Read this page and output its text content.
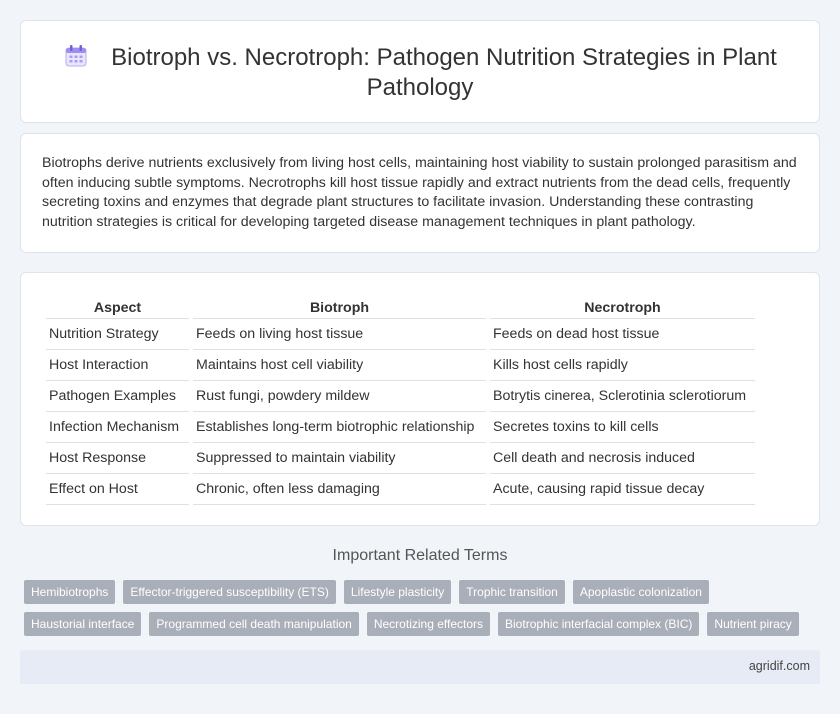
Biotroph vs. Necrotroph: Pathogen Nutrition Strategies in Plant Pathology

Biotrophs derive nutrients exclusively from living host cells, maintaining host viability to sustain prolonged parasitism and often inducing subtle symptoms. Necrotrophs kill host tissue rapidly and extract nutrients from the dead cells, frequently secreting toxins and enzymes that degrade plant structures to facilitate invasion. Understanding these contrasting nutrition strategies is critical for developing targeted disease management techniques in plant pathology.

Aspect	Biotroph	Necrotroph
Nutrition Strategy	Feeds on living host tissue	Feeds on dead host tissue
Host Interaction	Maintains host cell viability	Kills host cells rapidly
Pathogen Examples	Rust fungi, powdery mildew	Botrytis cinerea, Sclerotinia sclerotiorum
Infection Mechanism	Establishes long-term biotrophic relationship	Secretes toxins to kill cells
Host Response	Suppressed to maintain viability	Cell death and necrosis induced
Effect on Host	Chronic, often less damaging	Acute, causing rapid tissue decay
Important Related Terms
Hemibiotrophs	Effector-triggered susceptibility (ETS)	Lifestyle plasticity	Trophic transition	Apoplastic colonization
Haustorial interface	Programmed cell death manipulation	Necrotizing effectors	Biotrophic interfacial complex (BIC)	Nutrient piracy
agridif.com
